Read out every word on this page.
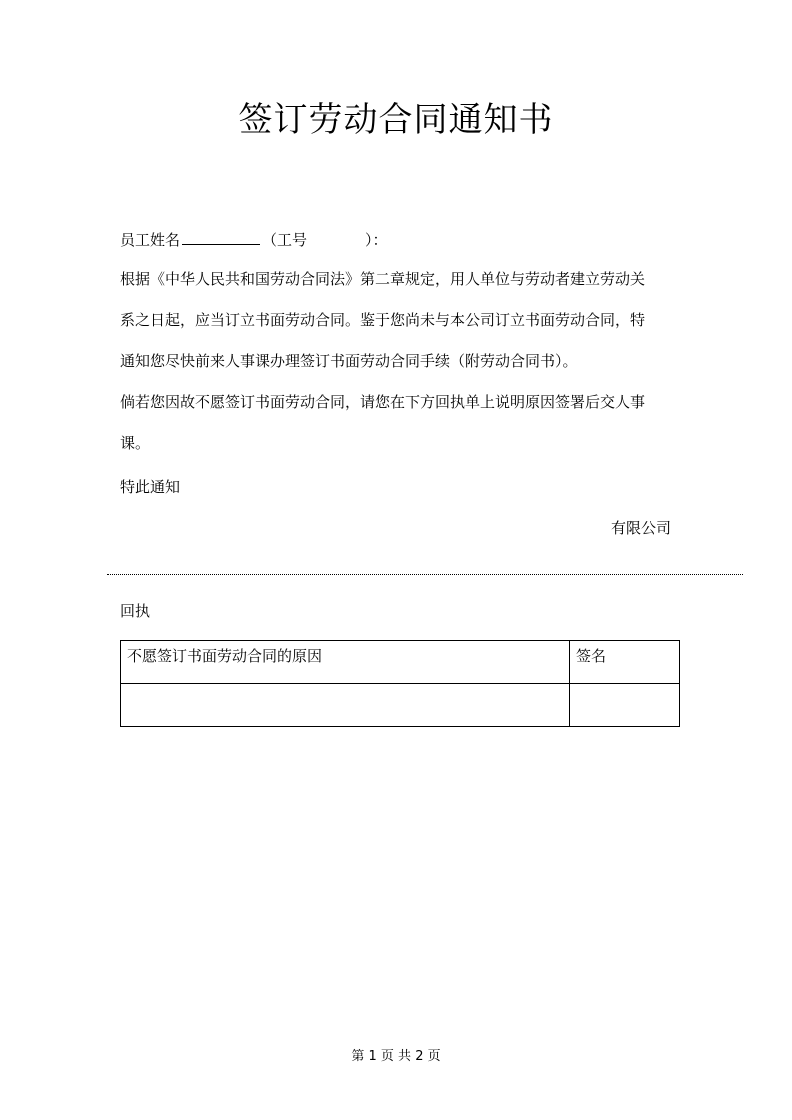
签订劳动合同通知书
员工姓名	（工号	）：
根据《中华人民共和国劳动合同法》第二章规定，用人单位与劳动者建立劳动关
系之日起，应当订立书面劳动合同。鉴于您尚未与本公司订立书面劳动合同，特
通知您尽快前来人事课办理签订书面劳动合同手续（附劳动合同书）。
倘若您因故不愿签订书面劳动合同，请您在下方回执单上说明原因签署后交人事
课。
特此通知
有限公司
回执
不愿签订书面劳动合同的原因	签名

第 1 页 共 2 页
